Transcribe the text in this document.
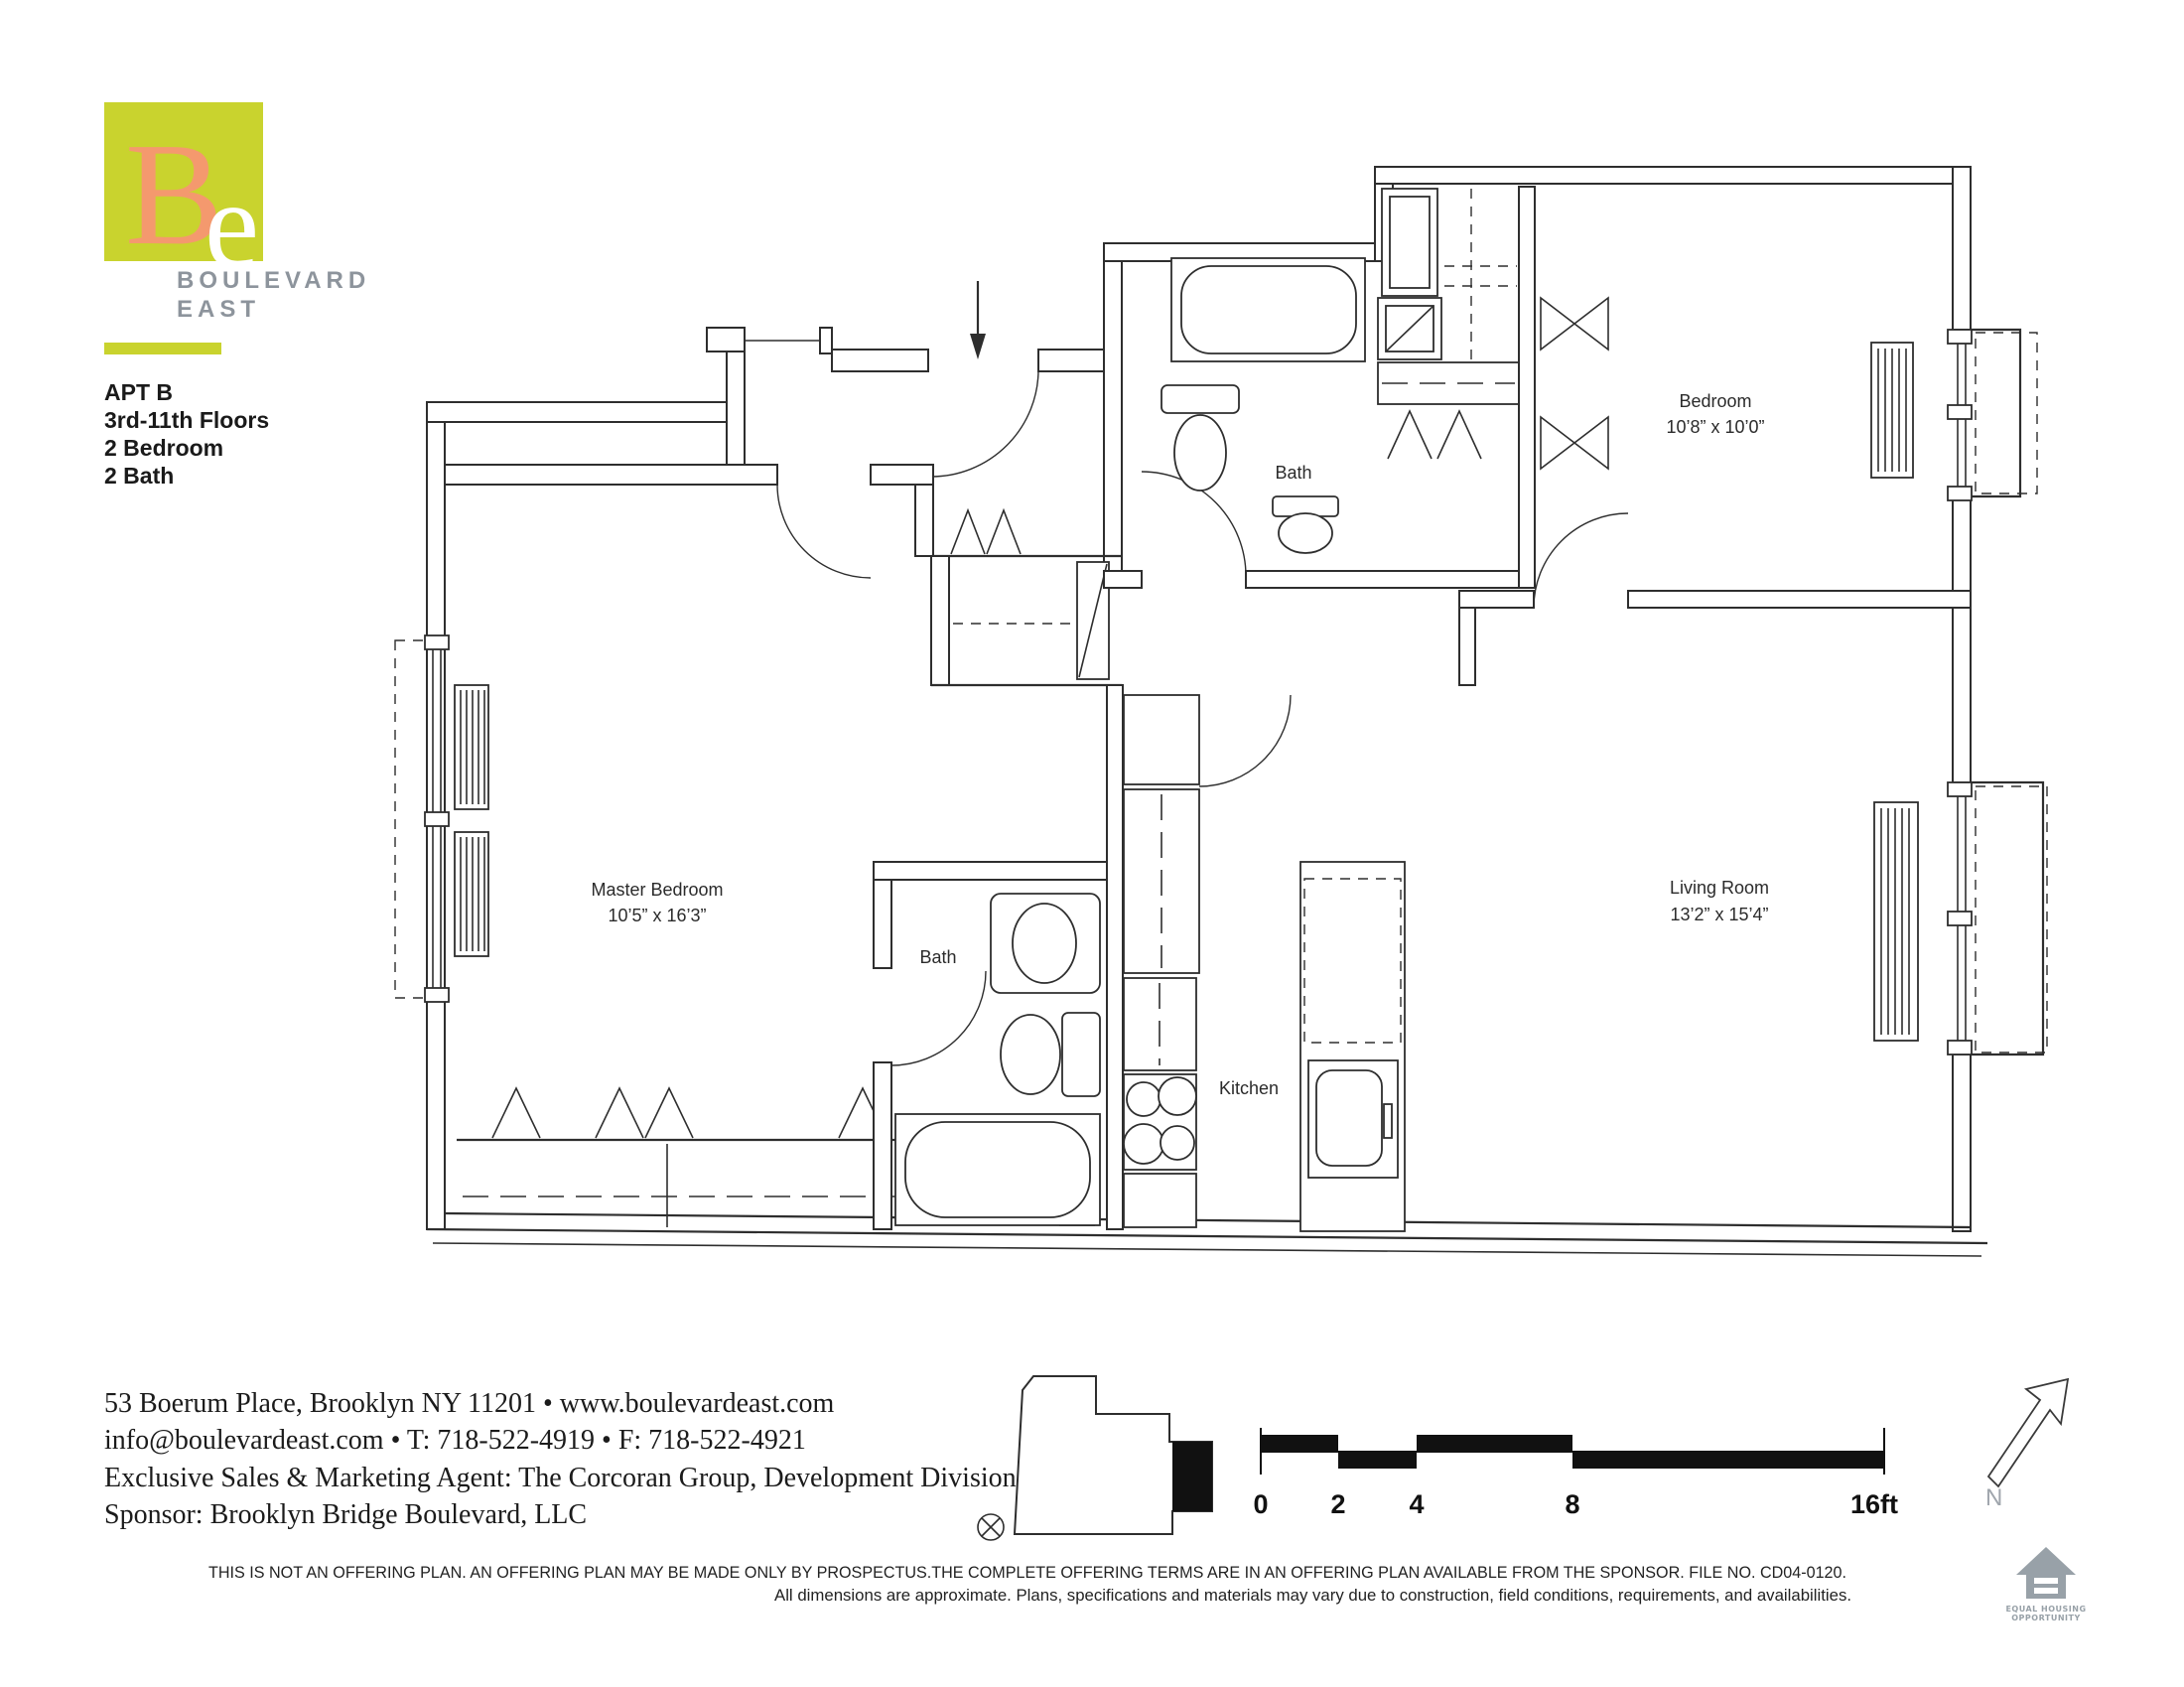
B
e
BOULEVARD
EAST
APT B
3rd-11th Floors
2 Bedroom
2 Bath
Master Bedroom
10’5” x 16’3”
Bath
Bedroom
10’8” x 10’0”
Living Room
13’2” x 15’4”
Kitchen
Bath
53 Boerum Place, Brooklyn NY 11201 • www.boulevardeast.com
info@boulevardeast.com • T: 718-522-4919 • F: 718-522-4921
Exclusive Sales & Marketing Agent: The Corcoran Group, Development Division
Sponsor: Brooklyn Bridge Boulevard, LLC	0 2 4	8	16ft	N
EQUAL HOUSING
OPPORTUNITY
THIS IS NOT AN OFFERING PLAN. AN OFFERING PLAN MAY BE MADE ONLY BY PROSPECTUS.THE COMPLETE OFFERING TERMS ARE IN AN OFFERING PLAN AVAILABLE FROM THE SPONSOR. FILE NO. CD04-0120.
All dimensions are approximate. Plans, specifications and materials may vary due to construction, field conditions, requirements, and availabilities.
